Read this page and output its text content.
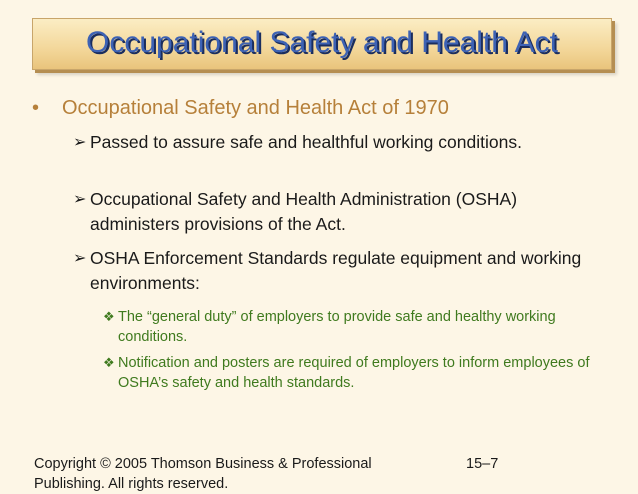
Occupational Safety and Health Act
• Occupational Safety and Health Act of 1970
➢ Passed to assure safe and healthful working conditions.
➢ Occupational Safety and Health Administration (OSHA) administers provisions of the Act.
➢ OSHA Enforcement Standards regulate equipment and working environments:
❖ The “general duty” of employers to provide safe and healthy working conditions.
❖ Notification and posters are required of employers to inform employees of OSHA’s safety and health standards.
Copyright © 2005 Thomson Business & Professional
Publishing. All rights reserved.
15–7
